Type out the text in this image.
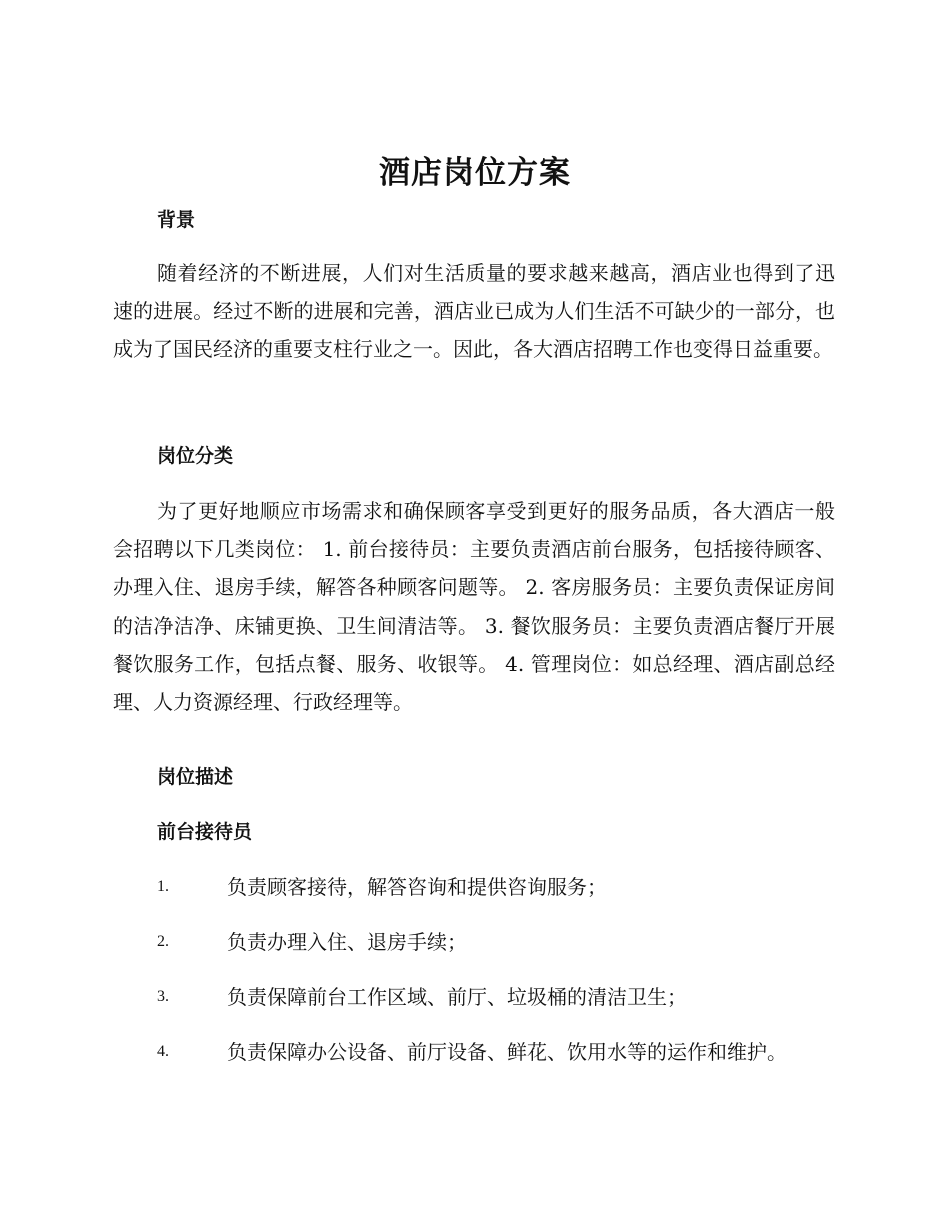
酒店岗位方案
背景

随着经济的不断进展，人们对生活质量的要求越来越高，酒店业也得到了迅速的进展。经过不断的进展和完善，酒店业已成为人们生活不可缺少的一部分，也成为了国民经济的重要支柱行业之一。因此，各大酒店招聘工作也变得日益重要。

岗位分类

为了更好地顺应市场需求和确保顾客享受到更好的服务品质，各大酒店一般会招聘以下几类岗位： 1. 前台接待员：主要负责酒店前台服务，包括接待顾客、办理入住、退房手续，解答各种顾客问题等。 2. 客房服务员：主要负责保证房间的洁净洁净、床铺更换、卫生间清洁等。 3. 餐饮服务员：主要负责酒店餐厅开展餐饮服务工作，包括点餐、服务、收银等。 4. 管理岗位：如总经理、酒店副总经理、人力资源经理、行政经理等。

岗位描述
前台接待员
1.	负责顾客接待，解答咨询和提供咨询服务；
2.	负责办理入住、退房手续；
3.	负责保障前台工作区域、前厅、垃圾桶的清洁卫生；
4.	负责保障办公设备、前厅设备、鲜花、饮用水等的运作和维护。
